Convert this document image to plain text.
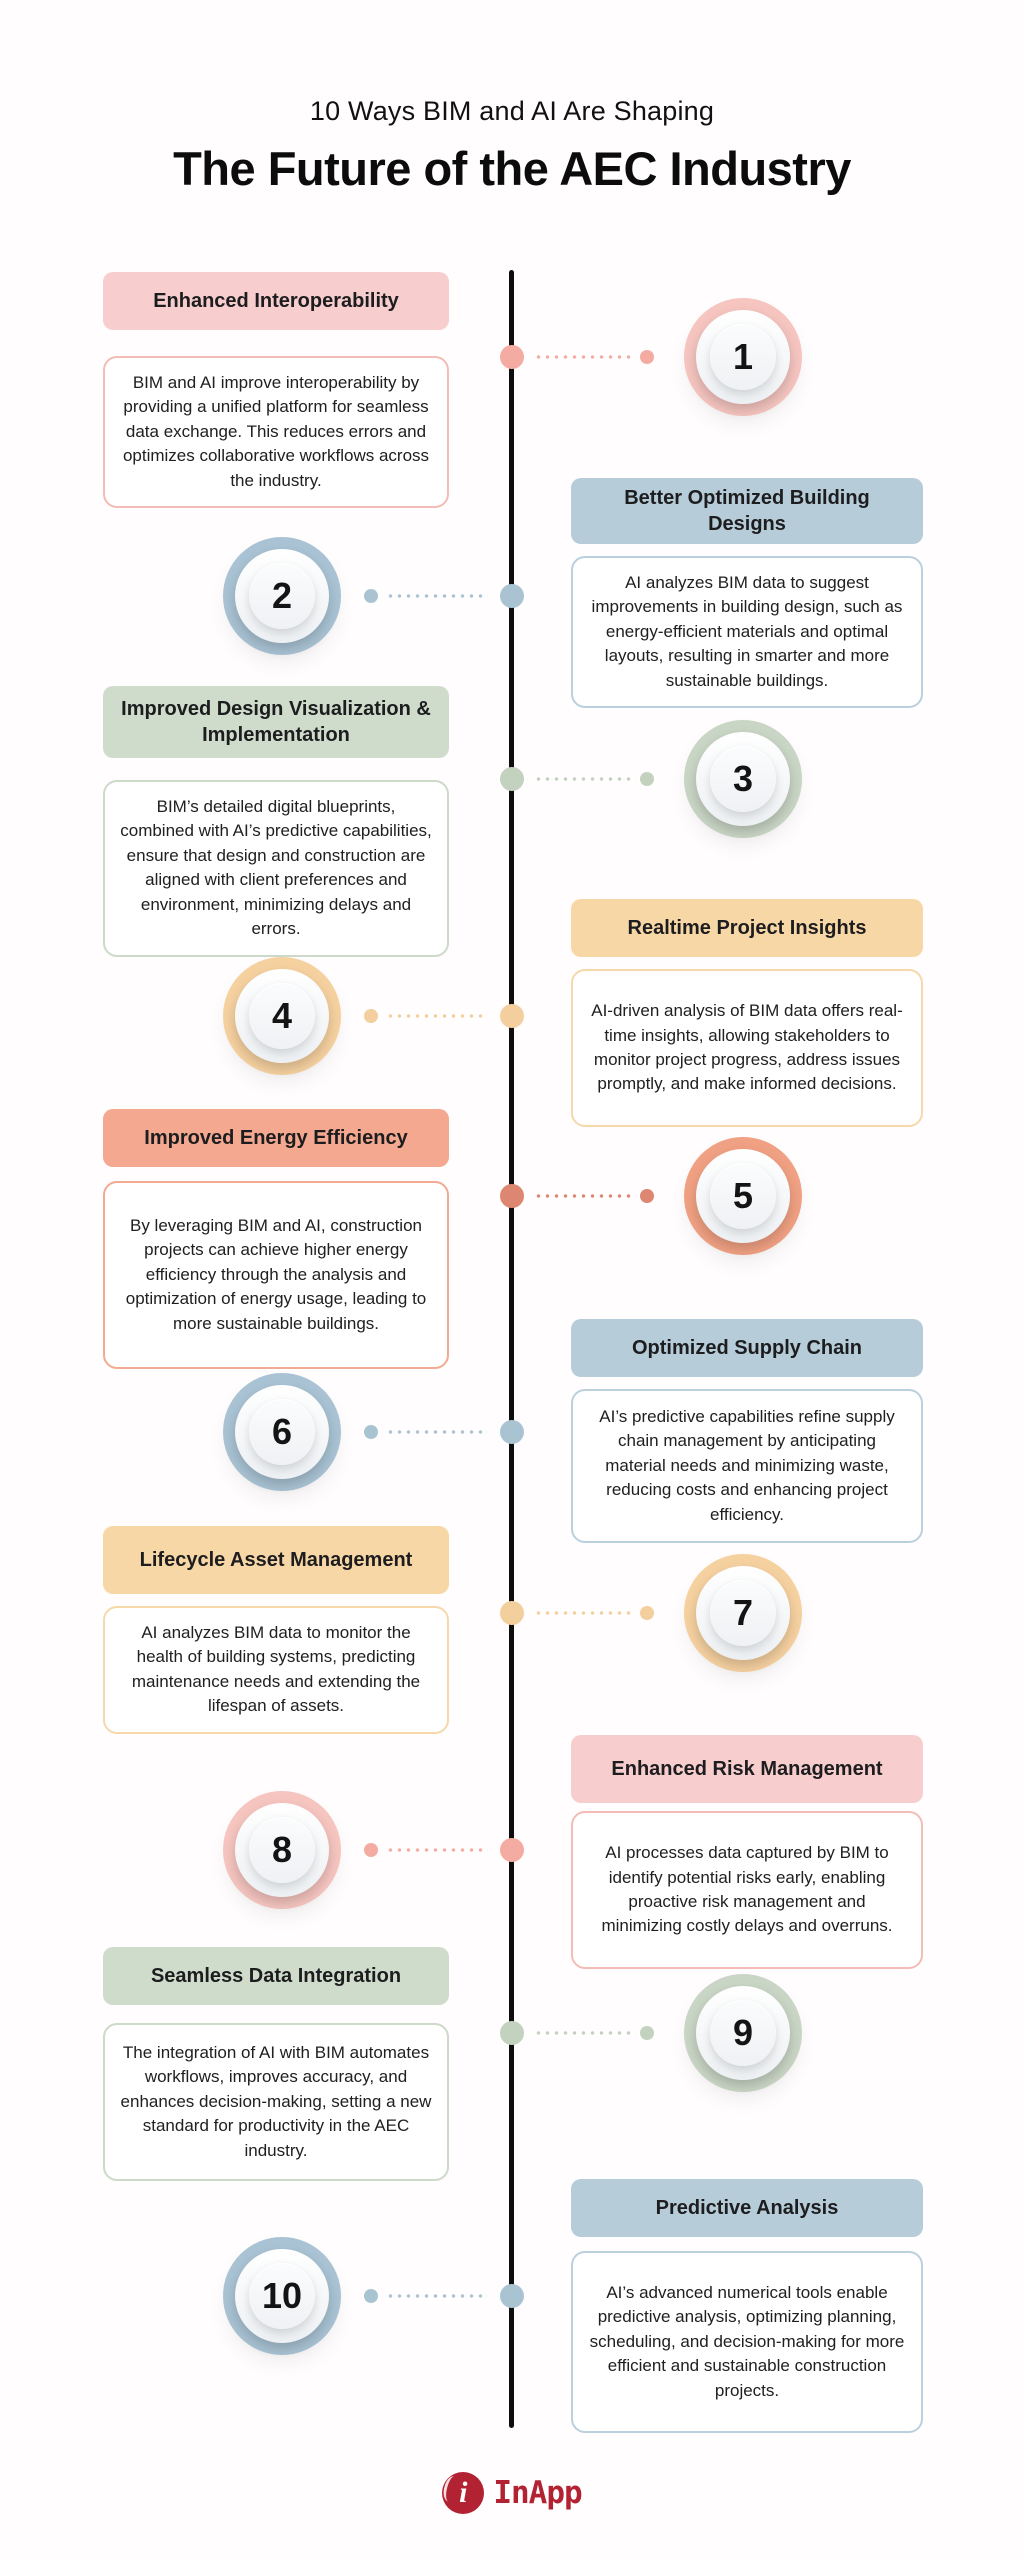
10 Ways BIM and AI Are Shaping
The Future of the AEC Industry
Enhanced Interoperability
BIM and AI improve interoperability by providing a unified platform for seamless data exchange. This reduces errors and optimizes collaborative workflows across the industry.
1
Better Optimized Building Designs
AI analyzes BIM data to suggest improvements in building design, such as energy-efficient materials and optimal layouts, resulting in smarter and more sustainable buildings.
2
Improved Design Visualization & Implementation
BIM’s detailed digital blueprints, combined with AI’s predictive capabilities, ensure that design and construction are aligned with client preferences and environment, minimizing delays and errors.
3
Realtime Project Insights
AI-driven analysis of BIM data offers real-time insights, allowing stakeholders to monitor project progress, address issues promptly, and make informed decisions.
4
Improved Energy Efficiency
By leveraging BIM and AI, construction projects can achieve higher energy efficiency through the analysis and optimization of energy usage, leading to more sustainable buildings.
5
Optimized Supply Chain
AI’s predictive capabilities refine supply chain management by anticipating material needs and minimizing waste, reducing costs and enhancing project efficiency.
6
Lifecycle Asset Management
AI analyzes BIM data to monitor the health of building systems, predicting maintenance needs and extending the lifespan of assets.
7
Enhanced Risk Management
AI processes data captured by BIM to identify potential risks early, enabling proactive risk management and minimizing costly delays and overruns.
8
Seamless Data Integration
The integration of AI with BIM automates workflows, improves accuracy, and enhances decision-making, setting a new standard for productivity in the AEC industry.
9
Predictive Analysis
AI’s advanced numerical tools enable predictive analysis, optimizing planning, scheduling, and decision-making for more efficient and sustainable construction projects.
10
i InApp
